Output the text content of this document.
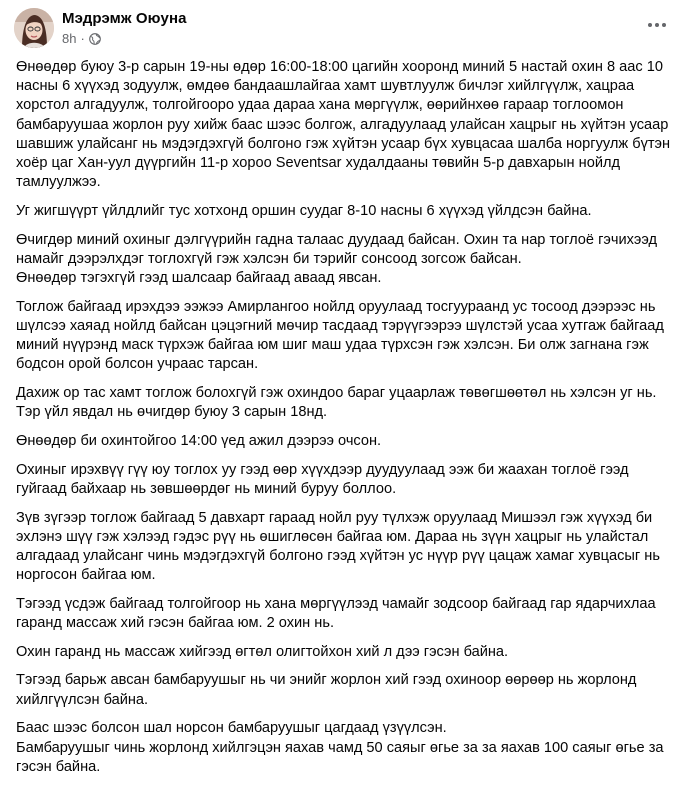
Мэдрэмж Оюуна
8h ·

Өнөөдөр буюу 3-р сарын 19-ны өдөр 16:00-18:00 цагийн хооронд миний 5 настай охин 8 аас 10 насны 6 хүүхэд зодуулж, өмдөө бандаашлайгаа хамт шувтлуулж бичлэг хийлгүүлж, хацраа хорстол алгадуулж, толгойгооро удаа дараа хана мөргүүлж, өөрийнхөө гараар тоглоомон бамбаруушаа жорлон руу хийж баас шээс болгож, алгадуулаад улайсан хацрыг нь хүйтэн усаар шавшиж улайсанг нь мэдэгдэхгүй болгоно гэж хүйтэн усаар бүх хувцасаа шалба норгуулж бүтэн хоёр цаг Хан-уул дүүргийн 11-р хороо Seventsar худалдааны төвийн 5-р давхарын нойлд тамлуулжээ.

Уг жигшүүрт үйлдлийг тус хотхонд оршин суудаг 8-10 насны 6 хүүхэд үйлдсэн байна.

Өчигдөр миний охиныг дэлгүүрийн гадна талаас дуудаад байсан. Охин та нар тоглоё гэчихээд намайг дээрэлхдэг тоглохгүй гэж хэлсэн би тэрийг сонсоод зогсож байсан.
Өнөөдөр тэгэхгүй гээд шалсаар байгаад аваад явсан.

Тоглож байгаад ирэхдээ ээжээ Амирлангоо нойлд оруулаад тосгуураанд ус тосоод дээрээс нь шүлсээ хаяад нойлд байсан цэцэгний мөчир тасдаад тэрүүгээрээ шүлстэй усаа хутгаж байгаад миний нүүрэнд маск түрхэж байгаа юм шиг маш удаа түрхсэн гэж хэлсэн. Би олж загнана гэж бодсон орой болсон учраас тарсан.

Дахиж ор тас хамт тоглож болохгүй гэж охиндоо бараг уцаарлаж төвөгшөөтөл нь хэлсэн уг нь. Тэр үйл явдал нь өчигдөр буюу 3 сарын 18нд.

Өнөөдөр би охинтойгоо 14:00 үед ажил дээрээ очсон.

Охиныг ирэхвүү гүү юу тоглох уу гээд өөр хүүхдээр дуудуулаад ээж би жаахан тоглоё гээд гуйгаад байхаар нь зөвшөөрдөг нь миний буруу боллоо.

Зүв зүгээр тоглож байгаад 5 давхарт гараад нойл руу түлхэж оруулаад Мишээл гэж хүүхэд би эхлэнэ шүү гэж хэлээд гэдэс рүү нь өшиглөсөн байгаа юм. Дараа нь зүүн хацрыг нь улайстал алгадаад улайсанг чинь мэдэгдэхгүй болгоно гээд хүйтэн ус нүүр рүү цацаж хамаг хувцасыг нь норгосон байгаа юм.

Тэгээд үсдэж байгаад толгойгоор нь хана мөргүүлээд чамайг зодсоор байгаад гар ядарчихлаа гаранд массаж хий гэсэн байгаа юм. 2 охин нь.

Охин гаранд нь массаж хийгээд өгтөл олигтойхон хий л дээ гэсэн байна.

Тэгээд барьж авсан бамбаруушыг нь чи энийг жорлон хий гээд охиноор өөрөөр нь жорлонд хийлгүүлсэн байна.

Баас шээс болсон шал норсон бамбаруушыг цагдаад үзүүлсэн.
Бамбаруушыг чинь жорлонд хийлгэцэн яахав чамд 50 саяыг өгье за за яахав 100 саяыг өгье за гэсэн байна.
